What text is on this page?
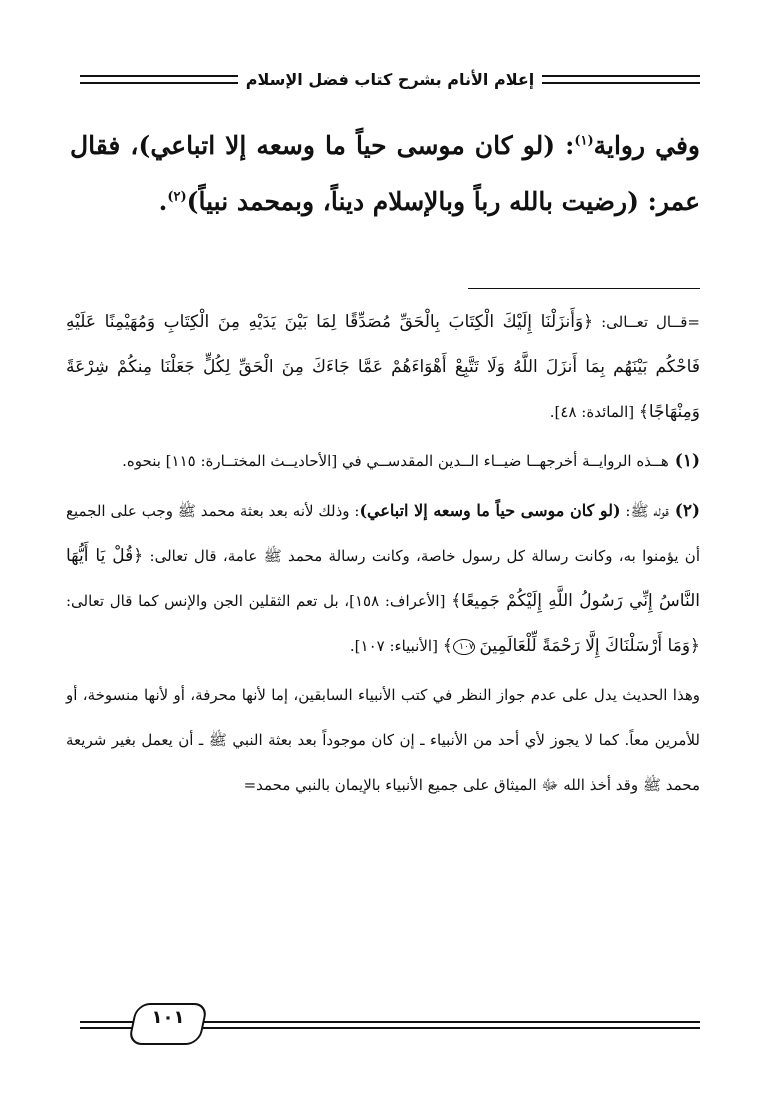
إعلام الأنام بشرح كتاب فضل الإسلام
وفي رواية$^{(١)}$: (لو كان موسى حياً ما وسعه إلا اتباعي)، فقال عمر: (رضيت بالله رباً وبالإسلام ديناً، وبمحمد نبياً)$^{(٢)}$.

=قــال تعــالى: ﴿وَأَنزَلْنَا إِلَيْكَ الْكِتَابَ بِالْحَقِّ مُصَدِّقًا لِمَا بَيْنَ يَدَيْهِ مِنَ الْكِتَابِ وَمُهَيْمِنًا عَلَيْهِ فَاحْكُم بَيْنَهُم بِمَا أَنزَلَ اللَّهُ وَلَا تَتَّبِعْ أَهْوَاءَهُمْ عَمَّا جَاءَكَ مِنَ الْحَقِّ لِكُلٍّ جَعَلْنَا مِنكُمْ شِرْعَةً وَمِنْهَاجًا﴾ [المائدة: ٤٨].

(١)هــذه الروايــة أخرجهــا ضيــاء الــدين المقدســي في [الأحاديــث المختــارة: ١١٥] بنحوه.

(٢)قوله ﷺ: (لو كان موسى حياً ما وسعه إلا اتباعي): وذلك لأنه بعد بعثة محمد ﷺ وجب على الجميع أن يؤمنوا به، وكانت رسالة كل رسول خاصة، وكانت رسالة محمد ﷺ عامة، قال تعالى: ﴿قُلْ يَا أَيُّهَا النَّاسُ إِنِّي رَسُولُ اللَّهِ إِلَيْكُمْ جَمِيعًا﴾ [الأعراف: ١٥٨]، بل تعم الثقلين الجن والإنس كما قال تعالى: ﴿وَمَا أَرْسَلْنَاكَ إِلَّا رَحْمَةً لِّلْعَالَمِينَ ١٠٧﴾ [الأنبياء: ١٠٧].

وهذا الحديث يدل على عدم جواز النظر في كتب الأنبياء السابقين، إما لأنها محرفة، أو لأنها منسوخة، أو للأمرين معاً. كما لا يجوز لأي أحد من الأنبياء ـ إن كان موجوداً بعد بعثة النبي ﷺ ـ أن يعمل بغير شريعة محمد ﷺ وقد أخذ الله ﷻ الميثاق على جميع الأنبياء بالإيمان بالنبي محمد=

١٠١
